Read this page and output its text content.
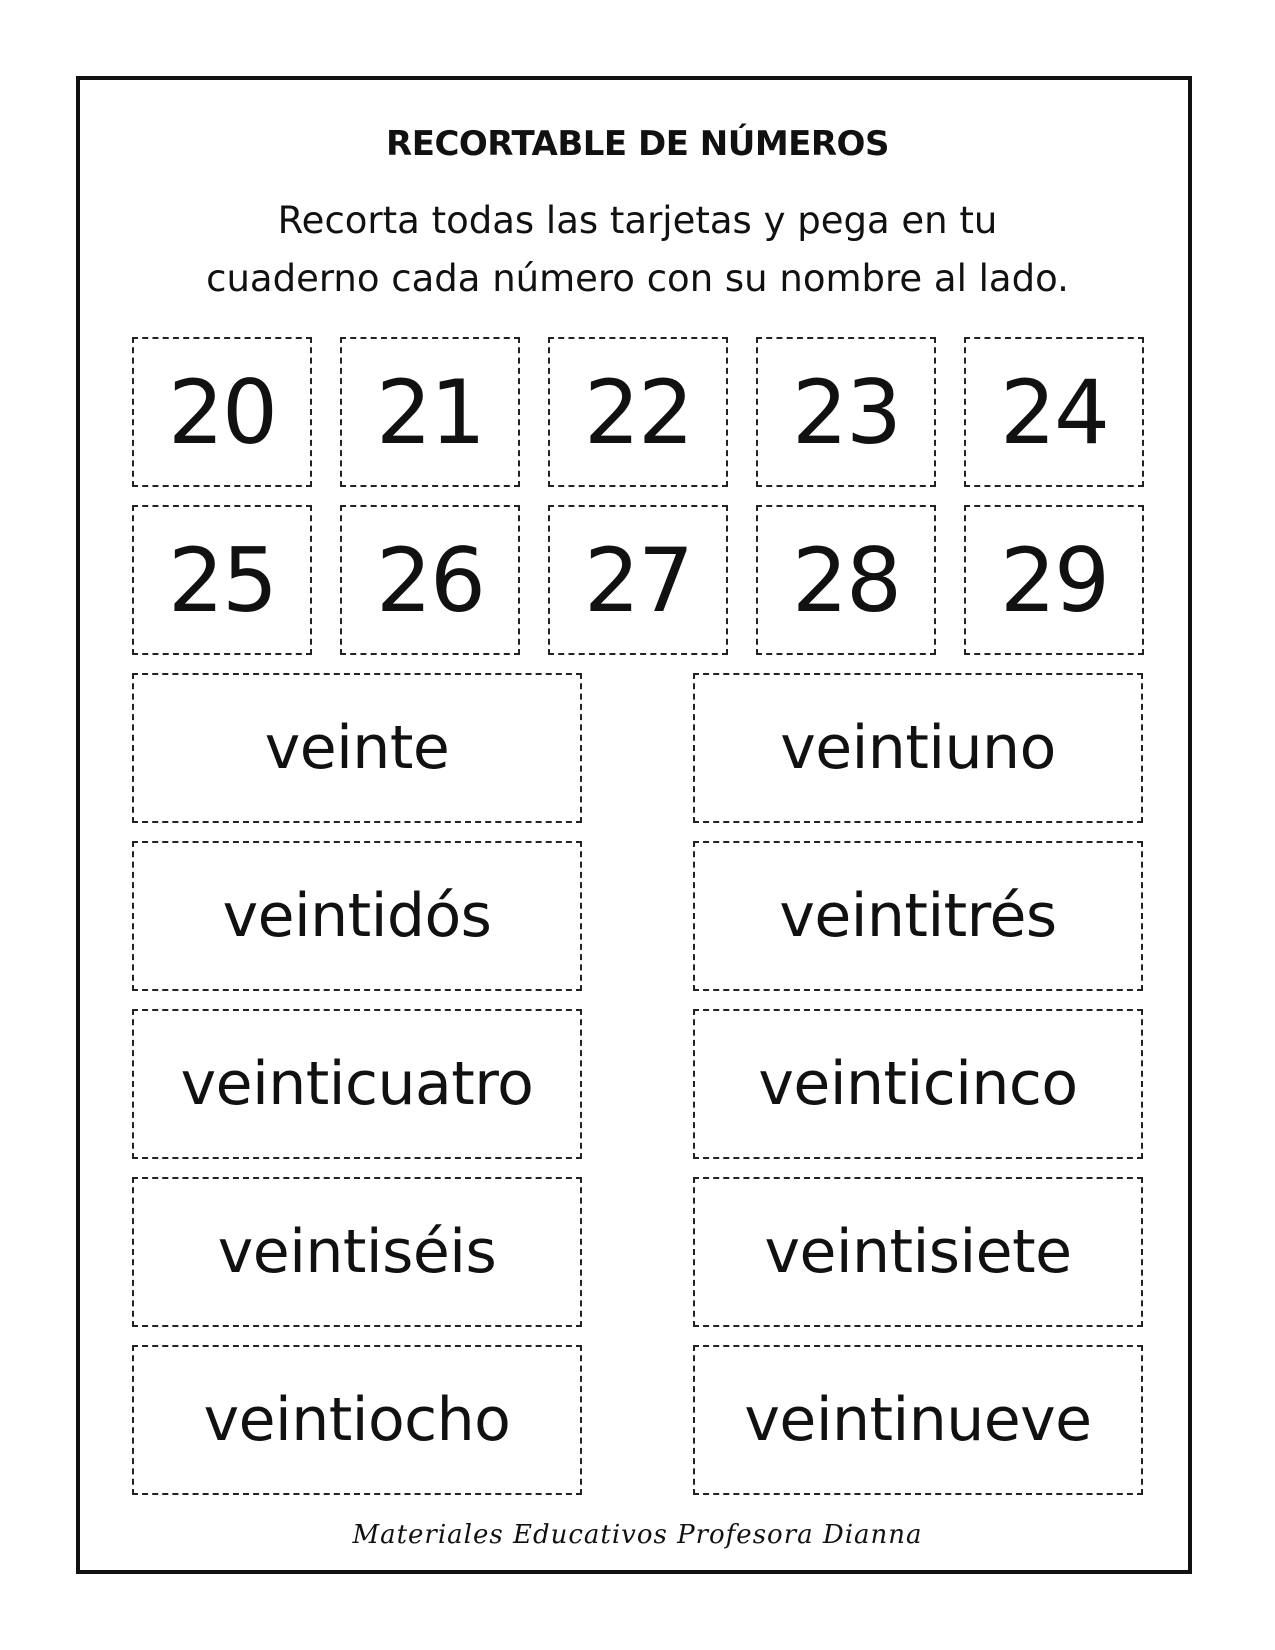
RECORTABLE DE NÚMEROS
Recorta todas las tarjetas y pega en tu
cuaderno cada número con su nombre al lado.
20	21	22	23	24
25	26	27	28	29
veinte	veintiuno
veintidós	veintitrés
veinticuatro	veinticinco
veintiséis	veintisiete
veintiocho	veintinueve
Materiales Educativos Profesora Dianna
